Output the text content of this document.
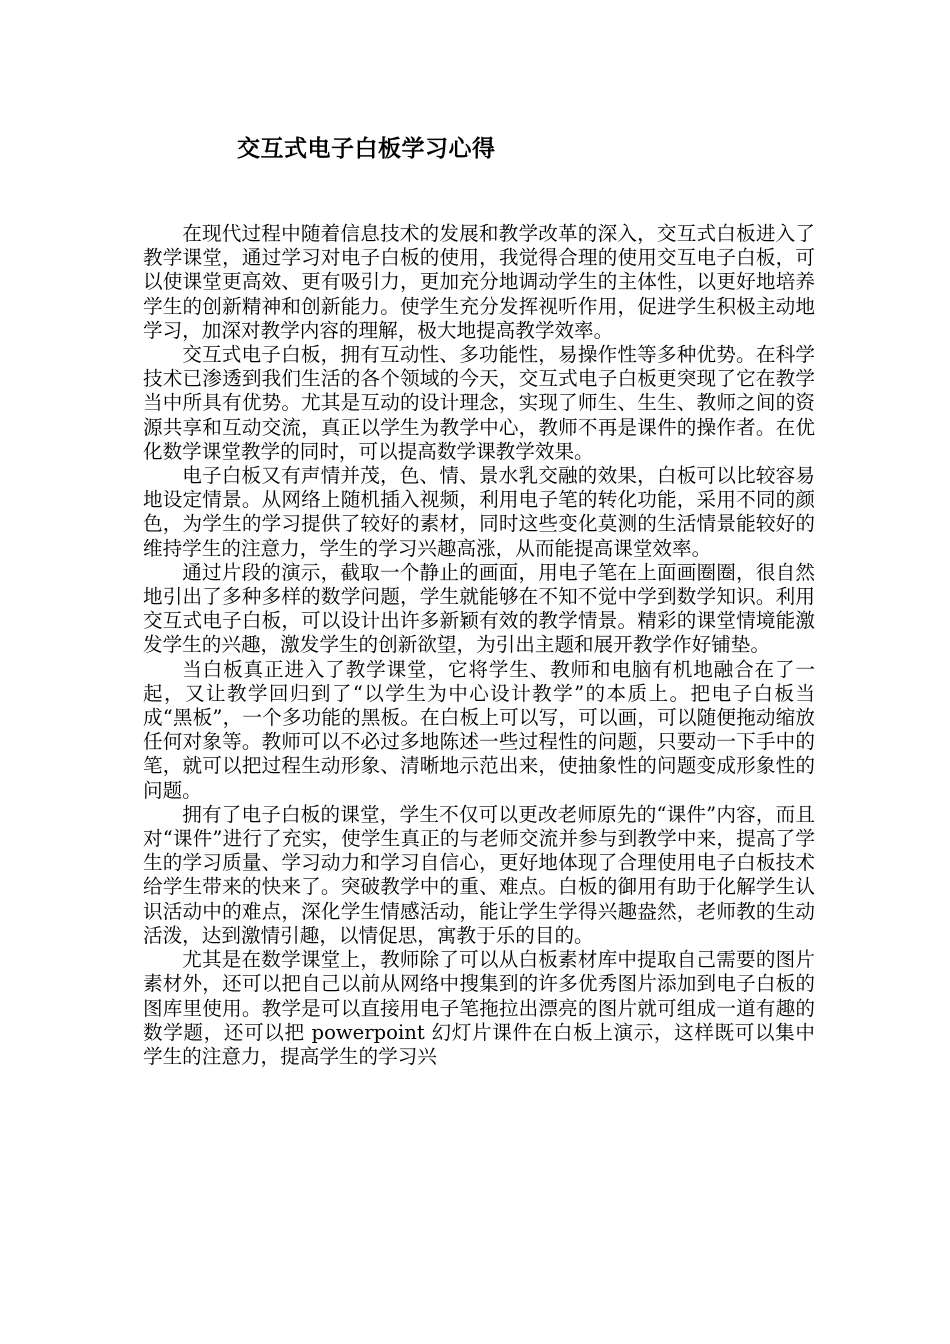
交互式电子白板学习心得

在现代过程中随着信息技术的发展和教学改革的深入，交互式白板进入了教学课堂，通过学习对电子白板的使用，我觉得合理的使用交互电子白板，可以使课堂更高效、更有吸引力，更加充分地调动学生的主体性，以更好地培养学生的创新精神和创新能力。使学生充分发挥视听作用，促进学生积极主动地学习，加深对教学内容的理解，极大地提高教学效率。

交互式电子白板，拥有互动性、多功能性，易操作性等多种优势。在科学技术已渗透到我们生活的各个领域的今天，交互式电子白板更突现了它在教学当中所具有优势。尤其是互动的设计理念，实现了师生、生生、教师之间的资源共享和互动交流，真正以学生为教学中心，教师不再是课件的操作者。在优化数学课堂教学的同时，可以提高数学课教学效果。

电子白板又有声情并茂，色、情、景水乳交融的效果，白板可以比较容易地设定情景。从网络上随机插入视频，利用电子笔的转化功能，采用不同的颜色，为学生的学习提供了较好的素材，同时这些变化莫测的生活情景能较好的维持学生的注意力，学生的学习兴趣高涨，从而能提高课堂效率。

通过片段的演示，截取一个静止的画面，用电子笔在上面画圈圈，很自然地引出了多种多样的数学问题，学生就能够在不知不觉中学到数学知识。利用交互式电子白板，可以设计出许多新颖有效的教学情景。精彩的课堂情境能激发学生的兴趣，激发学生的创新欲望，为引出主题和展开教学作好铺垫。

当白板真正进入了教学课堂，它将学生、教师和电脑有机地融合在了一起，又让教学回归到了“以学生为中心设计教学”的本质上。把电子白板当成“黑板”，一个多功能的黑板。在白板上可以写，可以画，可以随便拖动缩放任何对象等。教师可以不必过多地陈述一些过程性的问题，只要动一下手中的笔，就可以把过程生动形象、清晰地示范出来，使抽象性的问题变成形象性的问题。

拥有了电子白板的课堂，学生不仅可以更改老师原先的“课件”内容，而且对“课件”进行了充实，使学生真正的与老师交流并参与到教学中来，提高了学生的学习质量、学习动力和学习自信心，更好地体现了合理使用电子白板技术给学生带来的快来了。突破教学中的重、难点。白板的御用有助于化解学生认识活动中的难点，深化学生情感活动，能让学生学得兴趣盎然，老师教的生动活泼，达到激情引趣，以情促思，寓教于乐的目的。

尤其是在数学课堂上，教师除了可以从白板素材库中提取自己需要的图片素材外，还可以把自己以前从网络中搜集到的许多优秀图片添加到电子白板的图库里使用。教学是可以直接用电子笔拖拉出漂亮的图片就可组成一道有趣的数学题，还可以把 powerpoint 幻灯片课件在白板上演示，这样既可以集中学生的注意力，提高学生的学习兴
